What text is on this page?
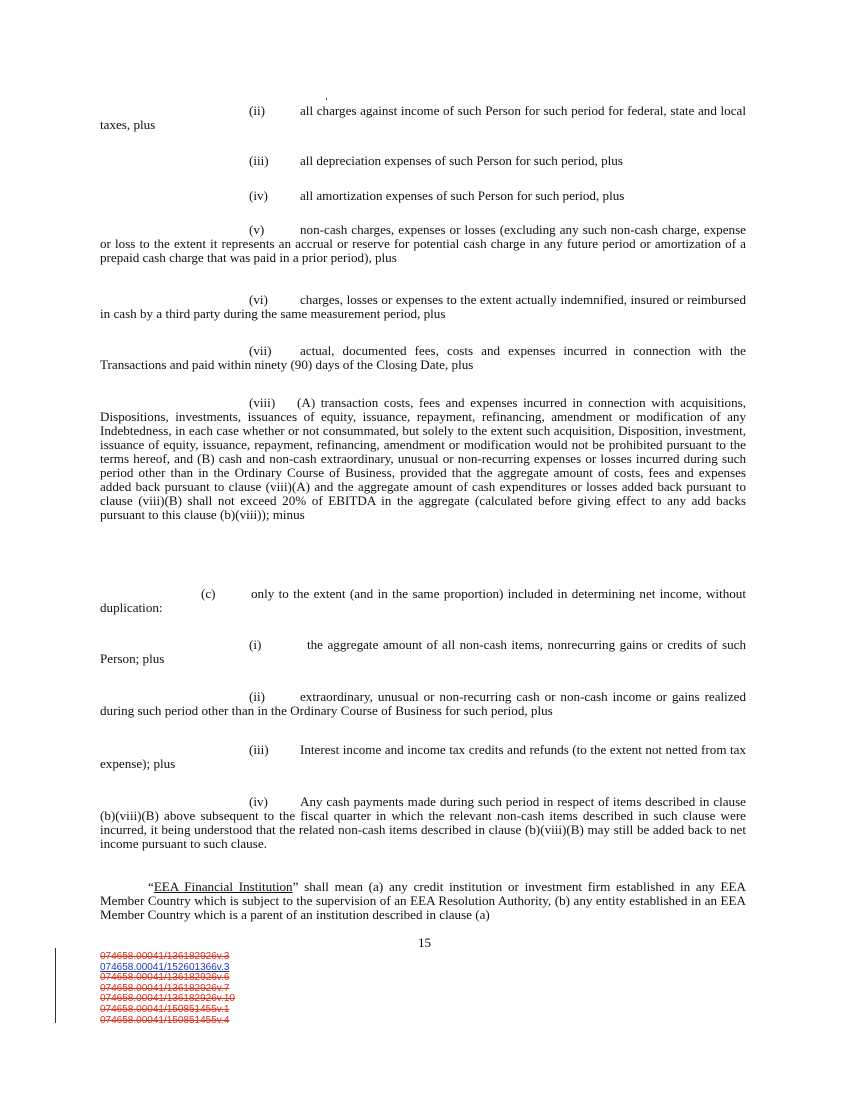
(ii)	all charges against income of such Person for such period for federal, state and local taxes, plus

(iii) all depreciation expenses of such Person for such period, plus

(iv) all amortization expenses of such Person for such period, plus

(v)	non-cash charges, expenses or losses (excluding any such non-cash charge, expense or loss to the extent it represents an accrual or reserve for potential cash charge in any future period or amortization of a prepaid cash charge that was paid in a prior period), plus

(vi) charges, losses or expenses to the extent actually indemnified, insured or reimbursed in cash by a third party during the same measurement period, plus

(vii) actual, documented fees, costs and expenses incurred in connection with the Transactions and paid within ninety (90) days of the Closing Date, plus

(viii) (A) transaction costs, fees and expenses incurred in connection with acquisitions, Dispositions, investments, issuances of equity, issuance, repayment, refinancing, amendment or modification of any Indebtedness, in each case whether or not consummated, but solely to the extent such acquisition, Disposition, investment, issuance of equity, issuance, repayment, refinancing, amendment or modification would not be prohibited pursuant to the terms hereof, and (B) cash and non-cash extraordinary, unusual or non-recurring expenses or losses incurred during such period other than in the Ordinary Course of Business, provided that the aggregate amount of costs, fees and expenses added back pursuant to clause (viii)(A) and the aggregate amount of cash expenditures or losses added back pursuant to clause (viii)(B) shall not exceed 20% of EBITDA in the aggregate (calculated before giving effect to any add backs pursuant to this clause (b)(viii)); minus

(c)	only to the extent (and in the same proportion) included in determining net income, without duplication:

(i)	the aggregate amount of all non-cash items, nonrecurring gains or credits of such Person; plus

(ii)	extraordinary, unusual or non-recurring cash or non-cash income or gains realized during such period other than in the Ordinary Course of Business for such period, plus

(iii) Interest income and income tax credits and refunds (to the extent not netted from tax expense); plus

(iv) Any cash payments made during such period in respect of items described in clause (b)(viii)(B) above subsequent to the fiscal quarter in which the relevant non-cash items described in such clause were incurred, it being understood that the related non-cash items described in clause (b)(viii)(B) may still be added back to net income pursuant to such clause.

“EEA Financial Institution” shall mean (a) any credit institution or investment firm established in any EEA Member Country which is subject to the supervision of an EEA Resolution Authority, (b) any entity established in an EEA Member Country which is a parent of an institution described in clause (a)

15

074658.00041/136182926v.3
074658.00041/152601366v.3
074658.00041/136182926v.6
074658.00041/136182926v.7
074658.00041/136182926v.10
074658.00041/150851455v.1
074658.00041/150851455v.4
